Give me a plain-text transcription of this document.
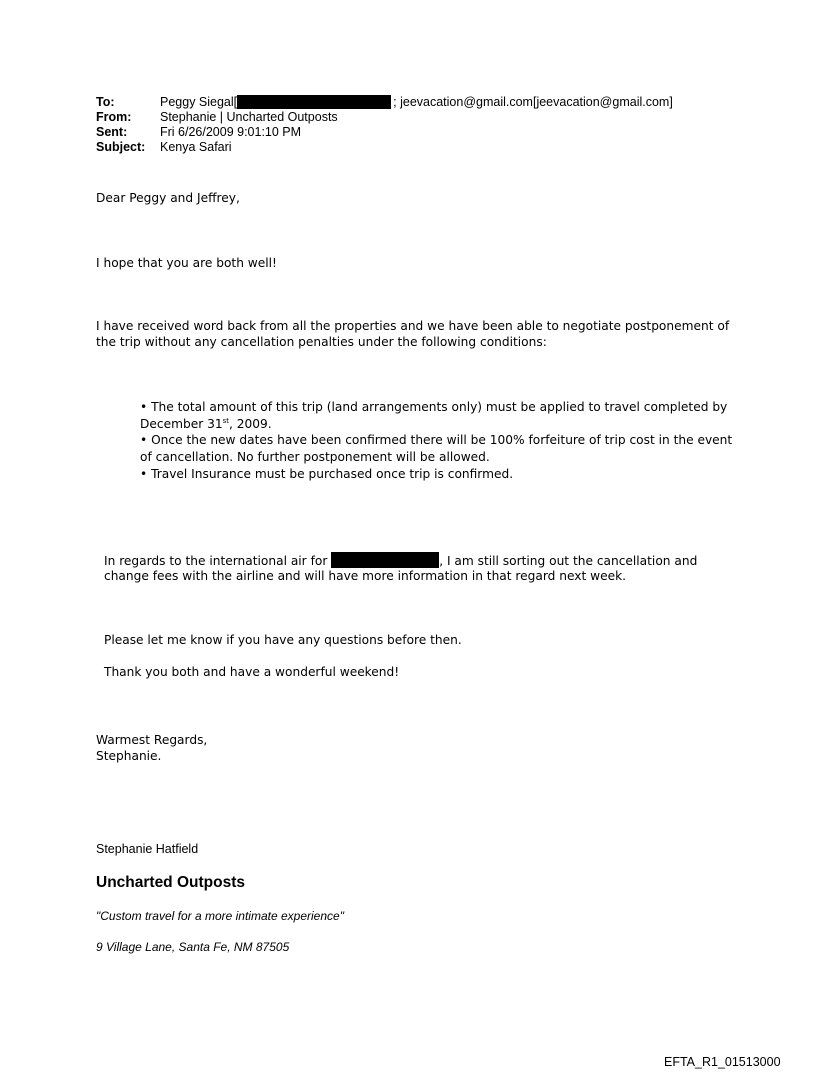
To:	Peggy Siegal[	; jeevacation@gmail.com[jeevacation@gmail.com]
From:	Stephanie | Uncharted Outposts
Sent:	Fri 6/26/2009 9:01:10 PM
Subject:	Kenya Safari
Dear Peggy and Jeffrey,
I hope that you are both well!
I have received word back from all the properties and we have been able to negotiate postponement of
the trip without any cancellation penalties under the following conditions:
• The total amount of this trip (land arrangements only) must be applied to travel completed by
December 31st, 2009.
• Once the new dates have been confirmed there will be 100% forfeiture of trip cost in the event
of cancellation. No further postponement will be allowed.
• Travel Insurance must be purchased once trip is confirmed.
In regards to the international air for	, I am still sorting out the cancellation and
change fees with the airline and will have more information in that regard next week.
Please let me know if you have any questions before then.
Thank you both and have a wonderful weekend!
Warmest Regards,
Stephanie.
Stephanie Hatfield
Uncharted Outposts
"Custom travel for a more intimate experience"
9 Village Lane, Santa Fe, NM 87505
EFTA_R1_01513000
